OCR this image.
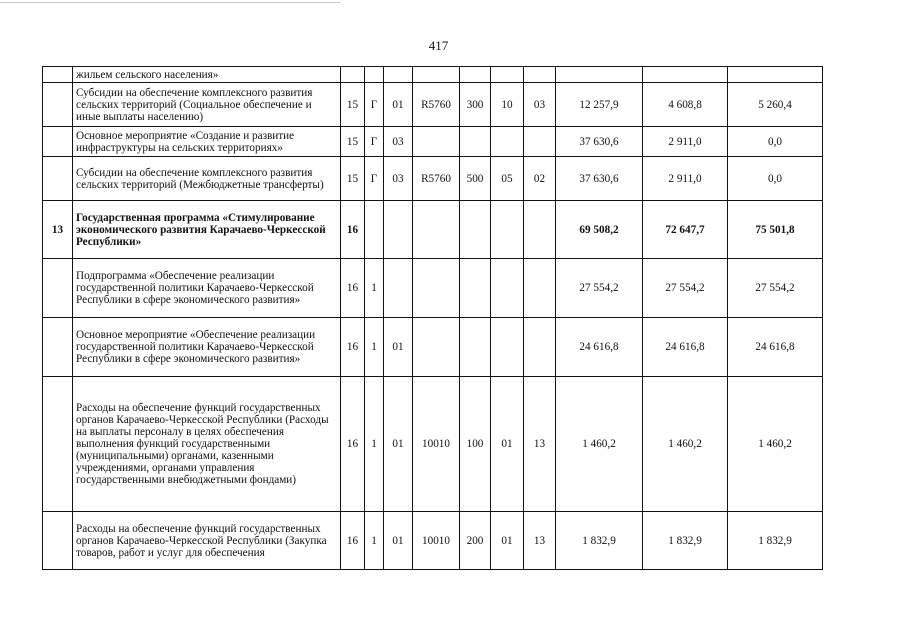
417
	жильем сельского населения»										
	Субсидии на обеспечение комплексного развития сельских территорий (Социальное обеспечение и иные выплаты населению)	15	Г	01	R5760	300	10	03	12 257,9	4 608,8	5 260,4
	Основное мероприятие «Создание и развитие инфраструктуры на сельских территориях»	15	Г	03					37 630,6	2 911,0	0,0
	Субсидии на обеспечение комплексного развития сельских территорий (Межбюджетные трансферты)	15	Г	03	R5760	500	05	02	37 630,6	2 911,0	0,0
13	Государственная программа «Стимулирование экономического развития Карачаево-Черкесской Республики»	16							69 508,2	72 647,7	75 501,8
	Подпрограмма «Обеспечение реализации государственной политики Карачаево-Черкесской Республики в сфере экономического развития»	16	1						27 554,2	27 554,2	27 554,2
	Основное мероприятие «Обеспечение реализации государственной политики Карачаево-Черкесской Республики в сфере экономического развития»	16	1	01					24 616,8	24 616,8	24 616,8
	Расходы на обеспечение функций государственных органов Карачаево-Черкесской Республики (Расходы на выплаты персоналу в целях обеспечения выполнения функций государственными (муниципальными) органами, казенными учреждениями, органами управления государственными внебюджетными фондами)	16	1	01	10010	100	01	13	1 460,2	1 460,2	1 460,2
	Расходы на обеспечение функций государственных органов Карачаево-Черкесской Республики (Закупка товаров, работ и услуг для обеспечения	16	1	01	10010	200	01	13	1 832,9	1 832,9	1 832,9
